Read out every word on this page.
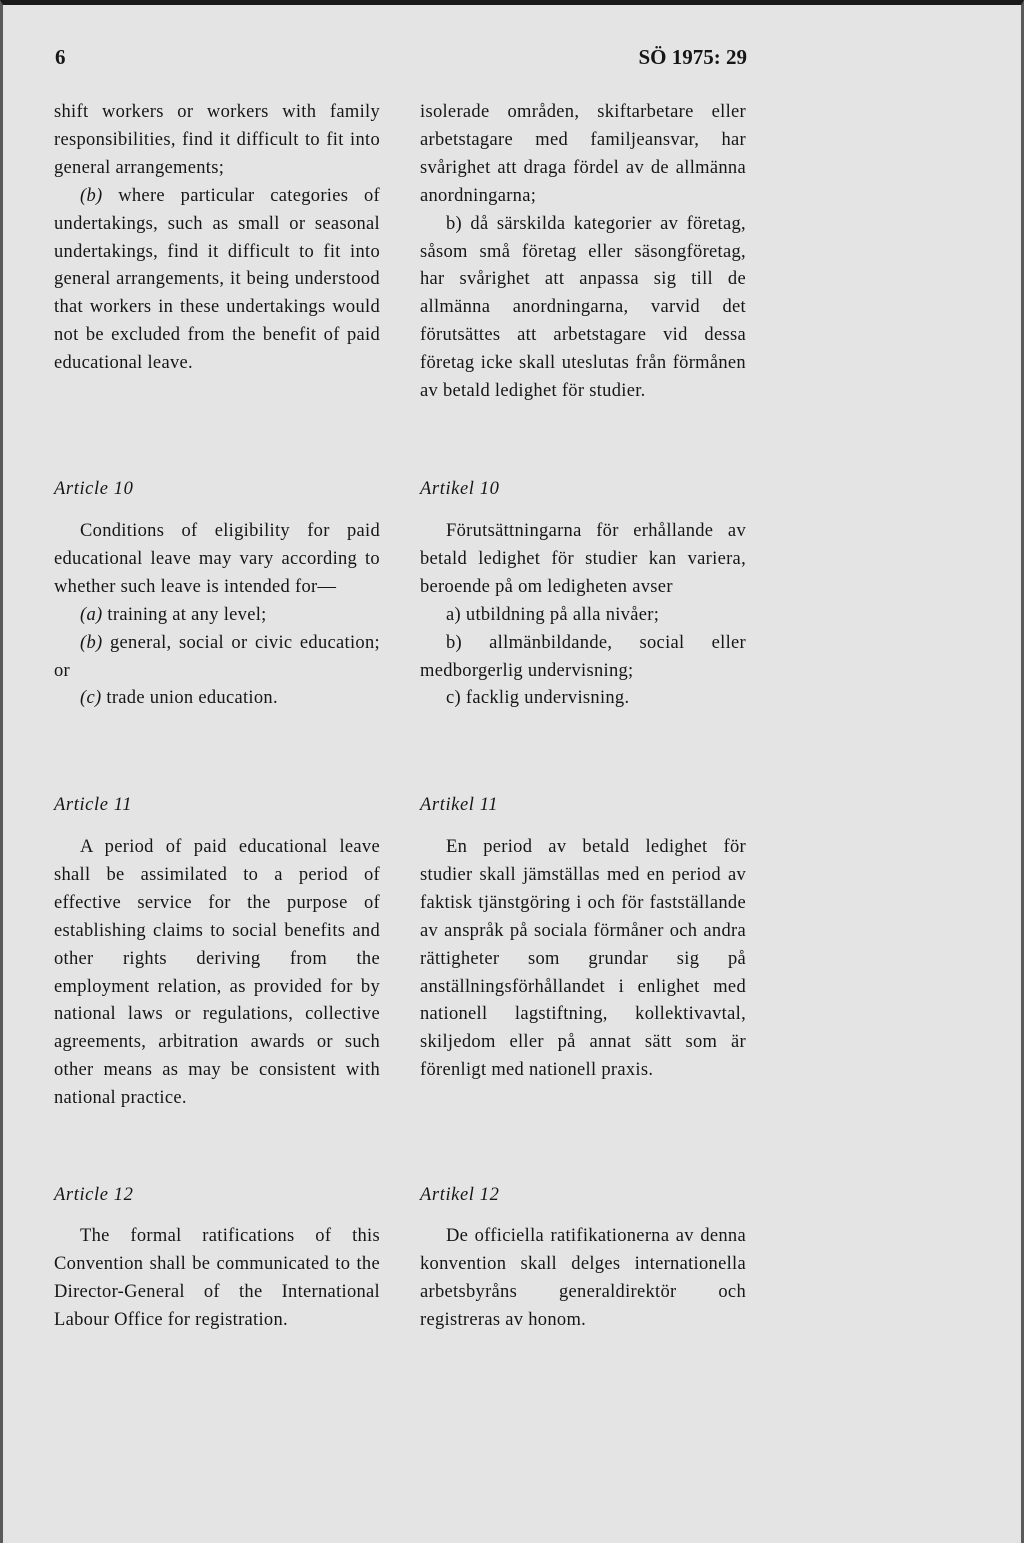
6	SÖ 1975: 29

shift workers or workers with family responsibilities, find it difficult to fit into general arrangements;

(b) where particular categories of undertakings, such as small or seasonal undertakings, find it difficult to fit into general arrangements, it being understood that workers in these undertakings would not be excluded from the benefit of paid educational leave.

Article 10

Conditions of eligibility for paid educational leave may vary according to whether such leave is intended for—

(a) training at any level;

(b) general, social or civic education; or

(c) trade union education.

Article 11

A period of paid educational leave shall be assimilated to a period of effective service for the purpose of establishing claims to social benefits and other rights deriving from the employment relation, as provided for by national laws or regulations, collective agreements, arbitration awards or such other means as may be consistent with national practice.

Article 12

The formal ratifications of this Convention shall be communicated to the Director-General of the International Labour Office for registration.

isolerade områden, skiftarbetare eller arbetstagare med familjeansvar, har svårighet att draga fördel av de allmänna anordningarna;

b) då särskilda kategorier av företag, såsom små företag eller säsongföretag, har svårighet att anpassa sig till de allmänna anordningarna, varvid det förutsättes att arbetstagare vid dessa företag icke skall uteslutas från förmånen av betald ledighet för studier.

Artikel 10

Förutsättningarna för erhållande av betald ledighet för studier kan variera, beroende på om ledigheten avser

a) utbildning på alla nivåer;

b) allmänbildande, social eller medborgerlig undervisning;

c) facklig undervisning.

Artikel 11

En period av betald ledighet för studier skall jämställas med en period av faktisk tjänstgöring i och för fastställande av anspråk på sociala förmåner och andra rättigheter som grundar sig på anställningsförhållandet i enlighet med nationell lagstiftning, kollektivavtal, skiljedom eller på annat sätt som är förenligt med nationell praxis.

Artikel 12

De officiella ratifikationerna av denna konvention skall delges internationella arbetsbyråns generaldirektör och registreras av honom.
